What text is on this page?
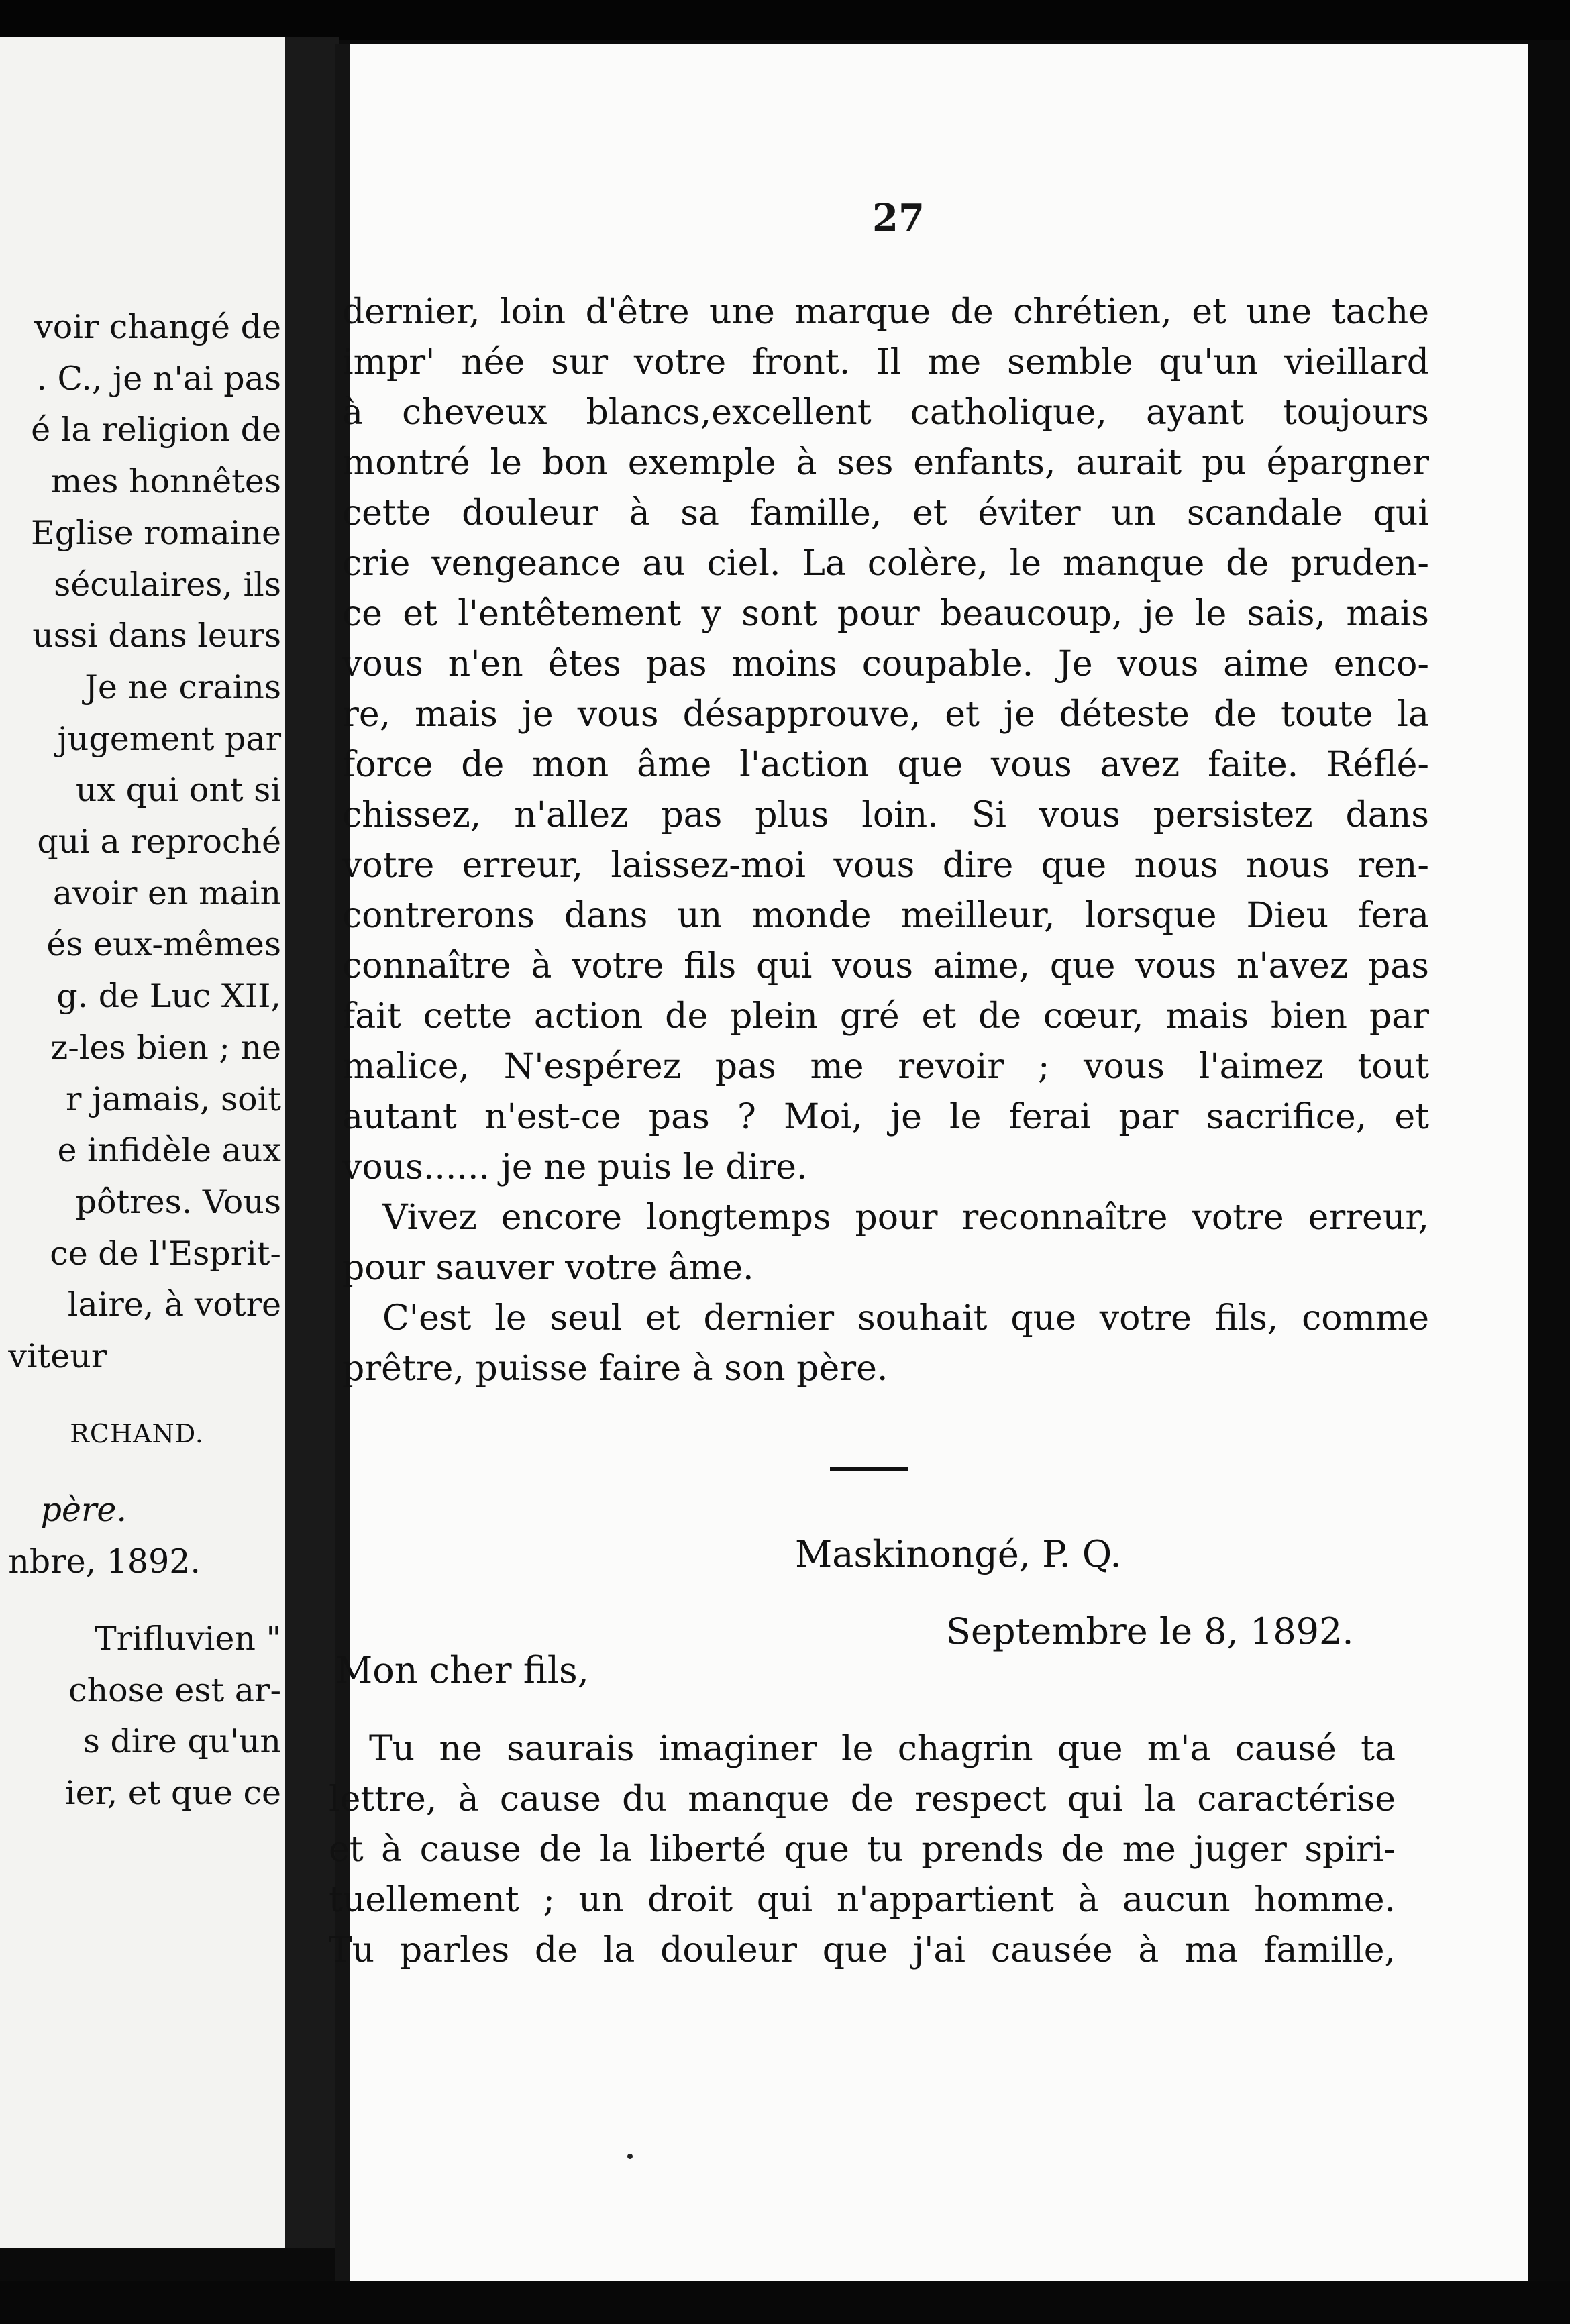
voir changé de
. C., je n'ai pas
é la religion de
mes honnêtes
Eglise romaine
séculaires, ils
ussi dans leurs
Je ne crains
jugement par
ux qui ont si
qui a reproché
avoir en main
és eux-mêmes
g. de Luc XII,
z-les bien ; ne
r jamais, soit
e infidèle aux
pôtres. Vous
ce de l'Esprit-
laire, à votre
viteur
RCHAND.
père.
nbre, 1892.
Trifluvien "
chose est ar-
s dire qu'un
ier, et que ce
27
dernier, loin d'être une marque de chrétien, et une tache
impr' née sur votre front. Il me semble qu'un vieillard
à cheveux blancs,excellent catholique, ayant toujours
montré le bon exemple à ses enfants, aurait pu épargner
cette douleur à sa famille, et éviter un scandale qui
crie vengeance au ciel. La colère, le manque de pruden-
ce et l'entêtement y sont pour beaucoup, je le sais, mais
vous n'en êtes pas moins coupable. Je vous aime enco-
re, mais je vous désapprouve, et je déteste de toute la
force de mon âme l'action que vous avez faite. Réflé-
chissez, n'allez pas plus loin. Si vous persistez dans
votre erreur, laissez-moi vous dire que nous nous ren-
contrerons dans un monde meilleur, lorsque Dieu fera
connaître à votre fils qui vous aime, que vous n'avez pas
fait cette action de plein gré et de cœur, mais bien par
malice, N'espérez pas me revoir ; vous l'aimez tout
autant n'est-ce pas ? Moi, je le ferai par sacrifice, et
vous...... je ne puis le dire.
Vivez encore longtemps pour reconnaître votre erreur,
pour sauver votre âme.
C'est le seul et dernier souhait que votre fils, comme
prêtre, puisse faire à son père.
Maskinongé, P. Q.
Septembre le 8, 1892.
Mon cher fils,
Tu ne saurais imaginer le chagrin que m'a causé ta
lettre, à cause du manque de respect qui la caractérise
et à cause de la liberté que tu prends de me juger spiri-
tuellement ; un droit qui n'appartient à aucun homme.
Tu parles de la douleur que j'ai causée à ma famille,
